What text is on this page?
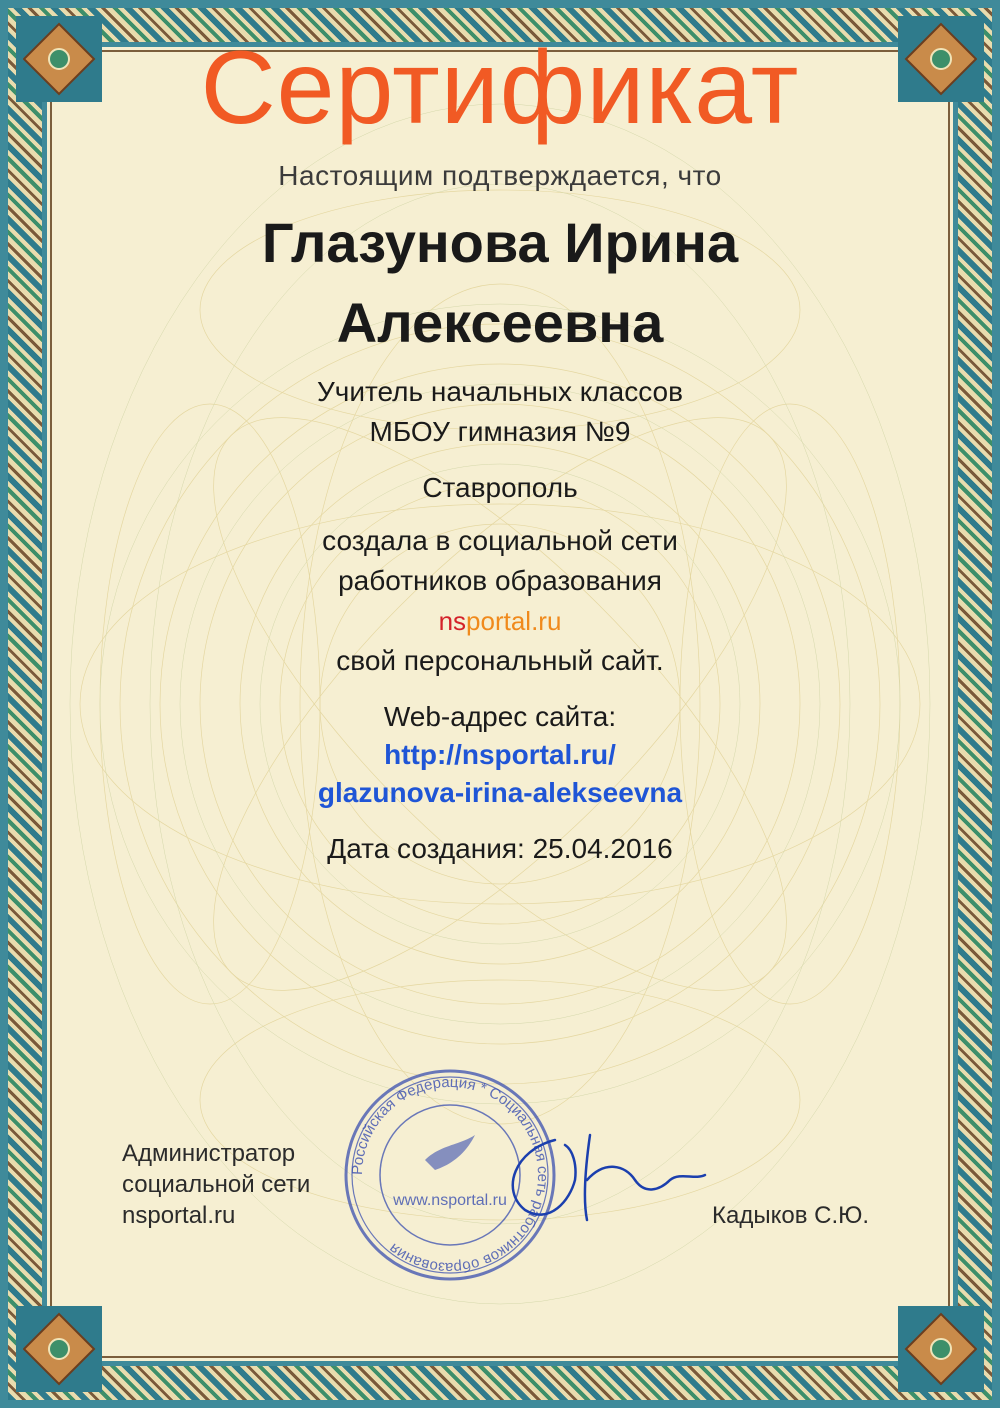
Сертификат
Настоящим подтверждается, что
Глазунова Ирина
Алексеевна
Учитель начальных классов
МБОУ гимназия №9
Ставрополь
создала в социальной сети
работников образования
nsportal.ru
свой персональный сайт.
Web-адрес сайта:
http://nsportal.ru/
glazunova-irina-alekseevna
Дата создания: 25.04.2016
Администратор
социальной сети
nsportal.ru
Российская Федерация * Социальная сеть работников образования
www.nsportal.ru
Кадыков С.Ю.
